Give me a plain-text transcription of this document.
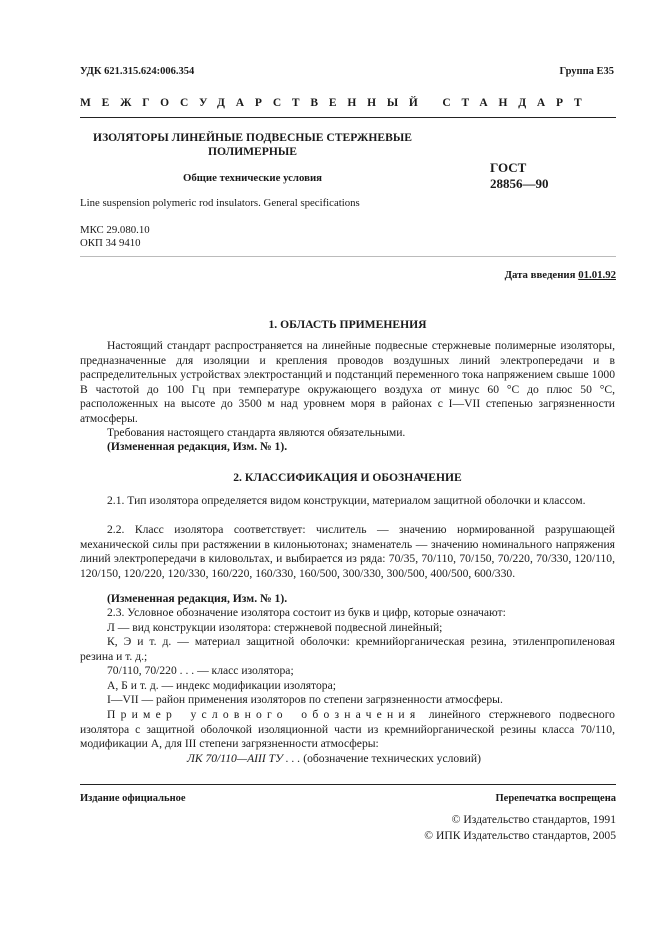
УДК 621.315.624:006.354	Группа Е35
МЕЖГОСУДАРСТВЕННЫЙ СТАНДАРТ
ИЗОЛЯТОРЫ ЛИНЕЙНЫЕ ПОДВЕСНЫЕ СТЕРЖНЕВЫЕ
ПОЛИМЕРНЫЕ
Общие технические условия
ГОСТ
28856—90
Line suspension polymeric rod insulators. General specifications
МКС 29.080.10
ОКП 34 9410
Дата введения 01.01.92
1. ОБЛАСТЬ ПРИМЕНЕНИЯ
Настоящий стандарт распространяется на линейные подвесные стержневые полимерные изоляторы, предназначенные для изоляции и крепления проводов воздушных линий электропередачи и в распределительных устройствах электростанций и подстанций переменного тока напряжением свыше 1000 В частотой до 100 Гц при температуре окружающего воздуха от минус 60 °С до плюс 50 °С, расположенных на высоте до 3500 м над уровнем моря в районах с I—VII степенью загрязненности атмосферы.
Требования настоящего стандарта являются обязательными.
(Измененная редакция, Изм. № 1).
2. КЛАССИФИКАЦИЯ И ОБОЗНАЧЕНИЕ
2.1. Тип изолятора определяется видом конструкции, материалом защитной оболочки и классом.
2.2. Класс изолятора соответствует: числитель — значению нормированной разрушающей механической силы при растяжении в килоньютонах; знаменатель — значению номинального напряжения линий электропередачи в киловольтах, и выбирается из ряда: 70/35, 70/110, 70/150, 70/220, 70/330, 120/110, 120/150, 120/220, 120/330, 160/220, 160/330, 160/500, 300/330, 300/500, 400/500, 600/330.
(Измененная редакция, Изм. № 1).
2.3. Условное обозначение изолятора состоит из букв и цифр, которые означают:
Л — вид конструкции изолятора: стержневой подвесной линейный;
К, Э и т. д. — материал защитной оболочки: кремнийорганическая резина, этиленпропиленовая резина и т. д.;
70/110, 70/220 . . . — класс изолятора;
А, Б и т. д. — индекс модификации изолятора;
I—VII — район применения изоляторов по степени загрязненности атмосферы.
Пример условного обозначения линейного стержневого подвесного изолятора с защитной оболочкой изоляционной части из кремнийорганической резины класса 70/110, модификации А, для III степени загрязненности атмосферы:
ЛК 70/110—АIII ТУ . . . (обозначение технических условий)
Издание официальное	Перепечатка воспрещена
© Издательство стандартов, 1991
© ИПК Издательство стандартов, 2005
